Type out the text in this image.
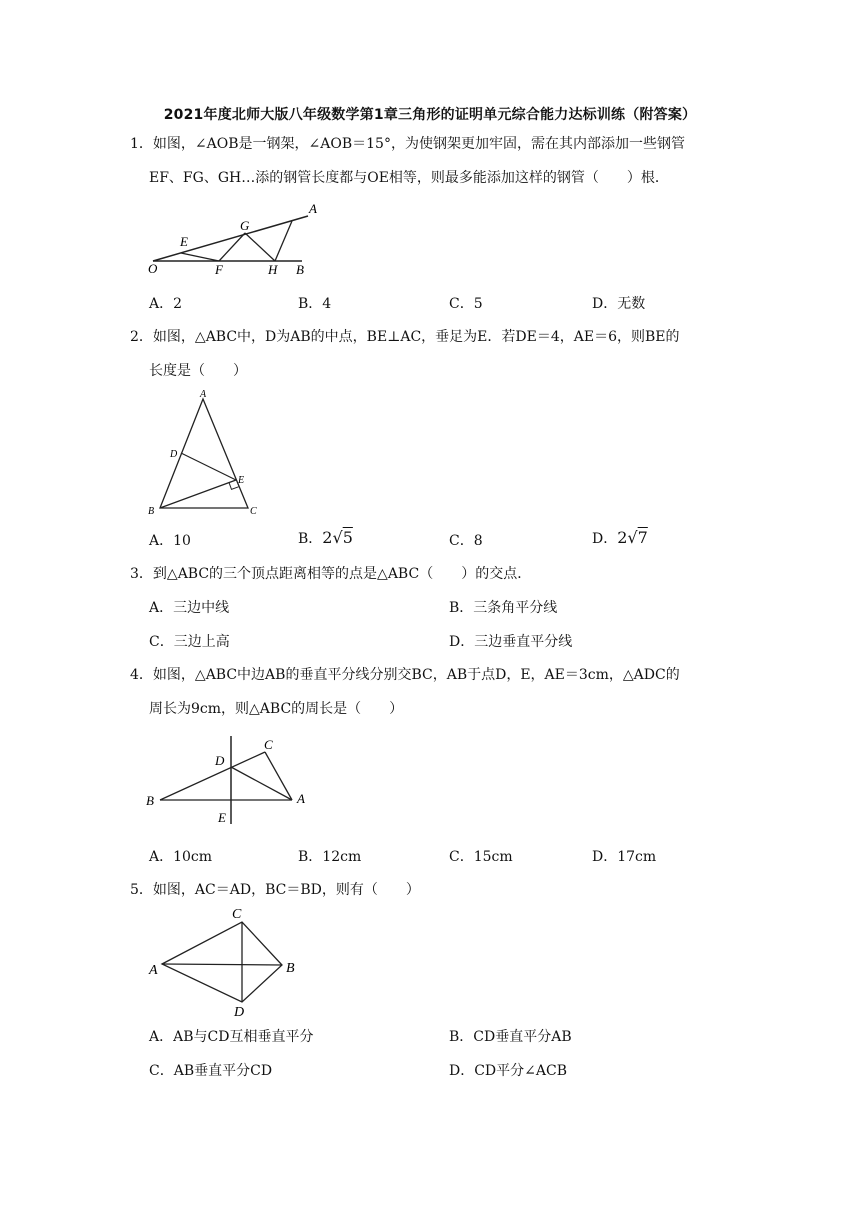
2021年度北师大版八年级数学第1章三角形的证明单元综合能力达标训练（附答案）
1．如图，∠AOB是一钢架，∠AOB＝15°，为使钢架更加牢固，需在其内部添加一些钢管
EF、FG、GH…添的钢管长度都与OE相等，则最多能添加这样的钢管（　　）根．
O
E
F
G
H
A
B
A．2	B．4	C．5	D．无数
2．如图，△ABC中，D为AB的中点，BE⊥AC，垂足为E．若DE＝4，AE＝6，则BE的
长度是（　　）
A
D
E
B	C
A．10	B．2√5	C．8	D．2√7
3．到△ABC的三个顶点距离相等的点是△ABC（　　）的交点．
A．三边中线	B．三条角平分线
C．三边上高	D．三边垂直平分线
4．如图，△ABC中边AB的垂直平分线分别交BC，AB于点D，E，AE＝3cm，△ADC的
周长为9cm，则△ABC的周长是（　　）
B
C
D
A
E
A．10cm	B．12cm	C．15cm	D．17cm
5．如图，AC＝AD，BC＝BD，则有（　　）
C
A	B
D
A．AB与CD互相垂直平分	B．CD垂直平分AB
C．AB垂直平分CD	D．CD平分∠ACB
